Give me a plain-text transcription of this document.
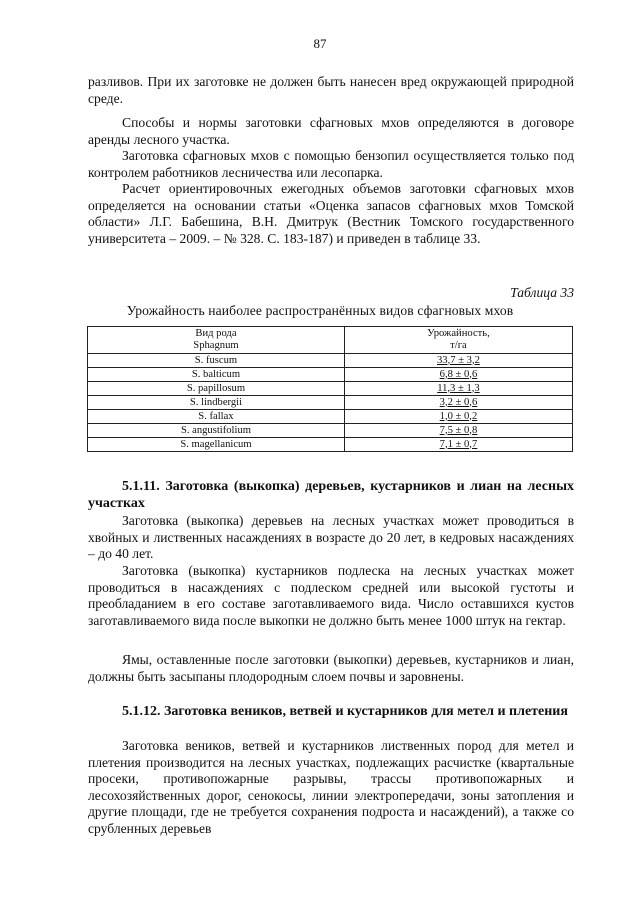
87

разливов. При их заготовке не должен быть нанесен вред окружающей природной среде.

Способы и нормы заготовки сфагновых мхов определяются в договоре аренды лесного участка.

Заготовка сфагновых мхов с помощью бензопил осуществляется только под контролем работников лесничества или лесопарка.

Расчет ориентировочных ежегодных объемов заготовки сфагновых мхов определяется на основании статьи «Оценка запасов сфагновых мхов Томской области» Л.Г. Бабешина, В.Н. Дмитрук (Вестник Томского государственного университета – 2009. – № 328. С. 183-187) и приведен в таблице 33.

Таблица 33
Урожайность наиболее распространённых видов сфагновых мхов
Вид рода
Sphagnum	Урожайность,
т/га

S. fuscum	33,7 ± 3,2
S. balticum	6,8 ± 0,6
S. papillosum	11,3 ± 1,3
S. lindbergii	3,2 ± 0,6
S. fallax	1,0 ± 0,2
S. angustifolium	7,5 ± 0,8
S. magellanicum	7,1 ± 0,7
5.1.11. Заготовка (выкопка) деревьев, кустарников и лиан на лесных участках

Заготовка (выкопка) деревьев на лесных участках может проводиться в хвойных и лиственных насаждениях в возрасте до 20 лет, в кедровых насаждениях – до 40 лет.

Заготовка (выкопка) кустарников подлеска на лесных участках может проводиться в насаждениях с подлеском средней или высокой густоты и преобладанием в его составе заготавливаемого вида. Число оставшихся кустов заготавливаемого вида после выкопки не должно быть менее 1000 штук на гектар.

Ямы, оставленные после заготовки (выкопки) деревьев, кустарников и лиан, должны быть засыпаны плодородным слоем почвы и заровнены.

5.1.12. Заготовка веников, ветвей и кустарников для метел и плетения

Заготовка веников, ветвей и кустарников лиственных пород для метел и плетения производится на лесных участках, подлежащих расчистке (квартальные просеки, противопожарные разрывы, трассы противопожарных и лесохозяйственных дорог, сенокосы, линии электропередачи, зоны затопления и другие площади, где не требуется сохранения подроста и насаждений), а также со срубленных деревьев
